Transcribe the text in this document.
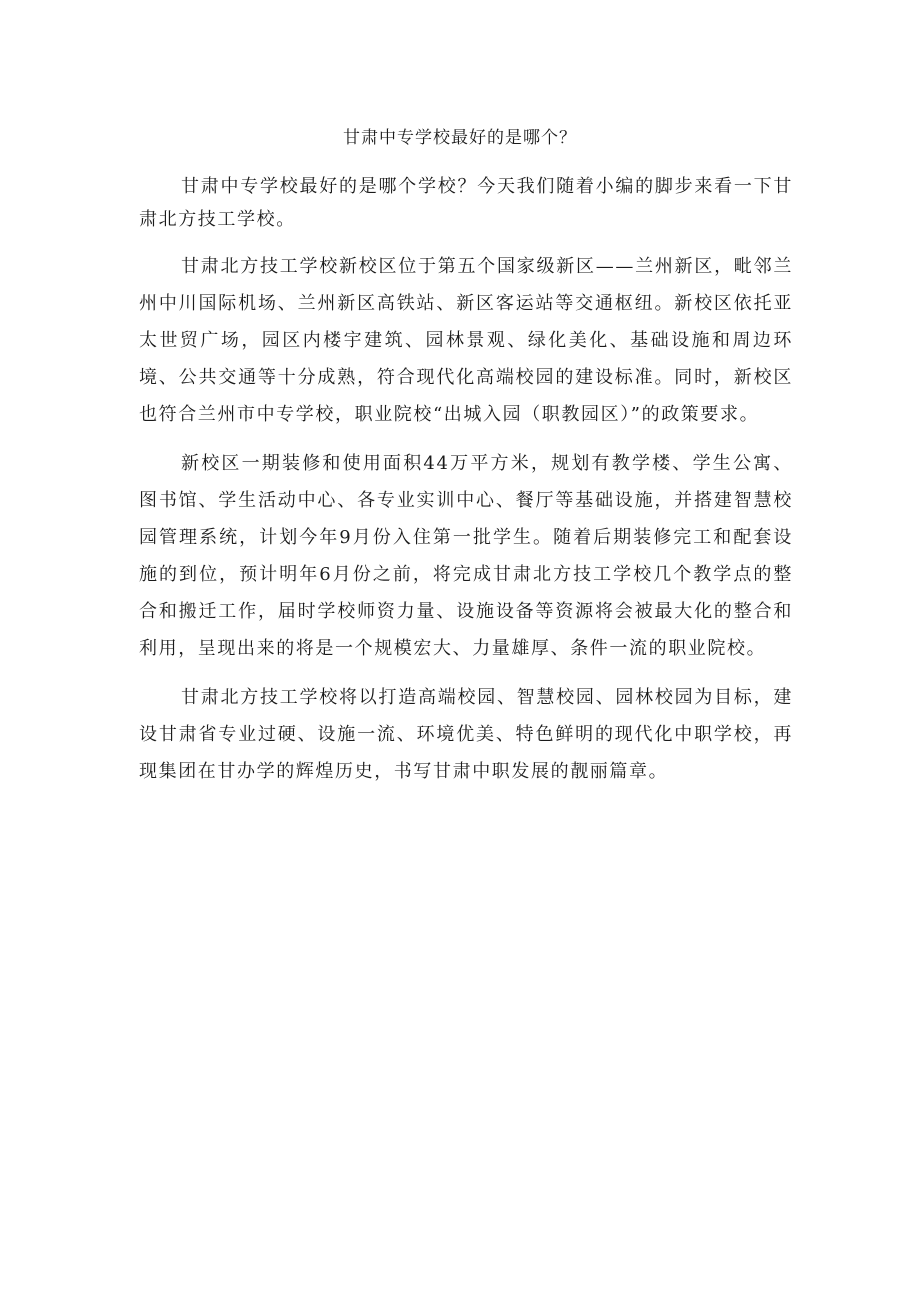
甘肃中专学校最好的是哪个？

甘肃中专学校最好的是哪个学校？今天我们随着小编的脚步来看一下甘肃北方技工学校。

甘肃北方技工学校新校区位于第五个国家级新区——兰州新区，毗邻兰州中川国际机场、兰州新区高铁站、新区客运站等交通枢纽。新校区依托亚太世贸广场，园区内楼宇建筑、园林景观、绿化美化、基础设施和周边环境、公共交通等十分成熟，符合现代化高端校园的建设标准。同时，新校区也符合兰州市中专学校，职业院校“出城入园（职教园区）”的政策要求。

新校区一期装修和使用面积44万平方米，规划有教学楼、学生公寓、图书馆、学生活动中心、各专业实训中心、餐厅等基础设施，并搭建智慧校园管理系统，计划今年9月份入住第一批学生。随着后期装修完工和配套设施的到位，预计明年6月份之前，将完成甘肃北方技工学校几个教学点的整合和搬迁工作，届时学校师资力量、设施设备等资源将会被最大化的整合和利用，呈现出来的将是一个规模宏大、力量雄厚、条件一流的职业院校。

甘肃北方技工学校将以打造高端校园、智慧校园、园林校园为目标，建设甘肃省专业过硬、设施一流、环境优美、特色鲜明的现代化中职学校，再现集团在甘办学的辉煌历史，书写甘肃中职发展的靓丽篇章。
